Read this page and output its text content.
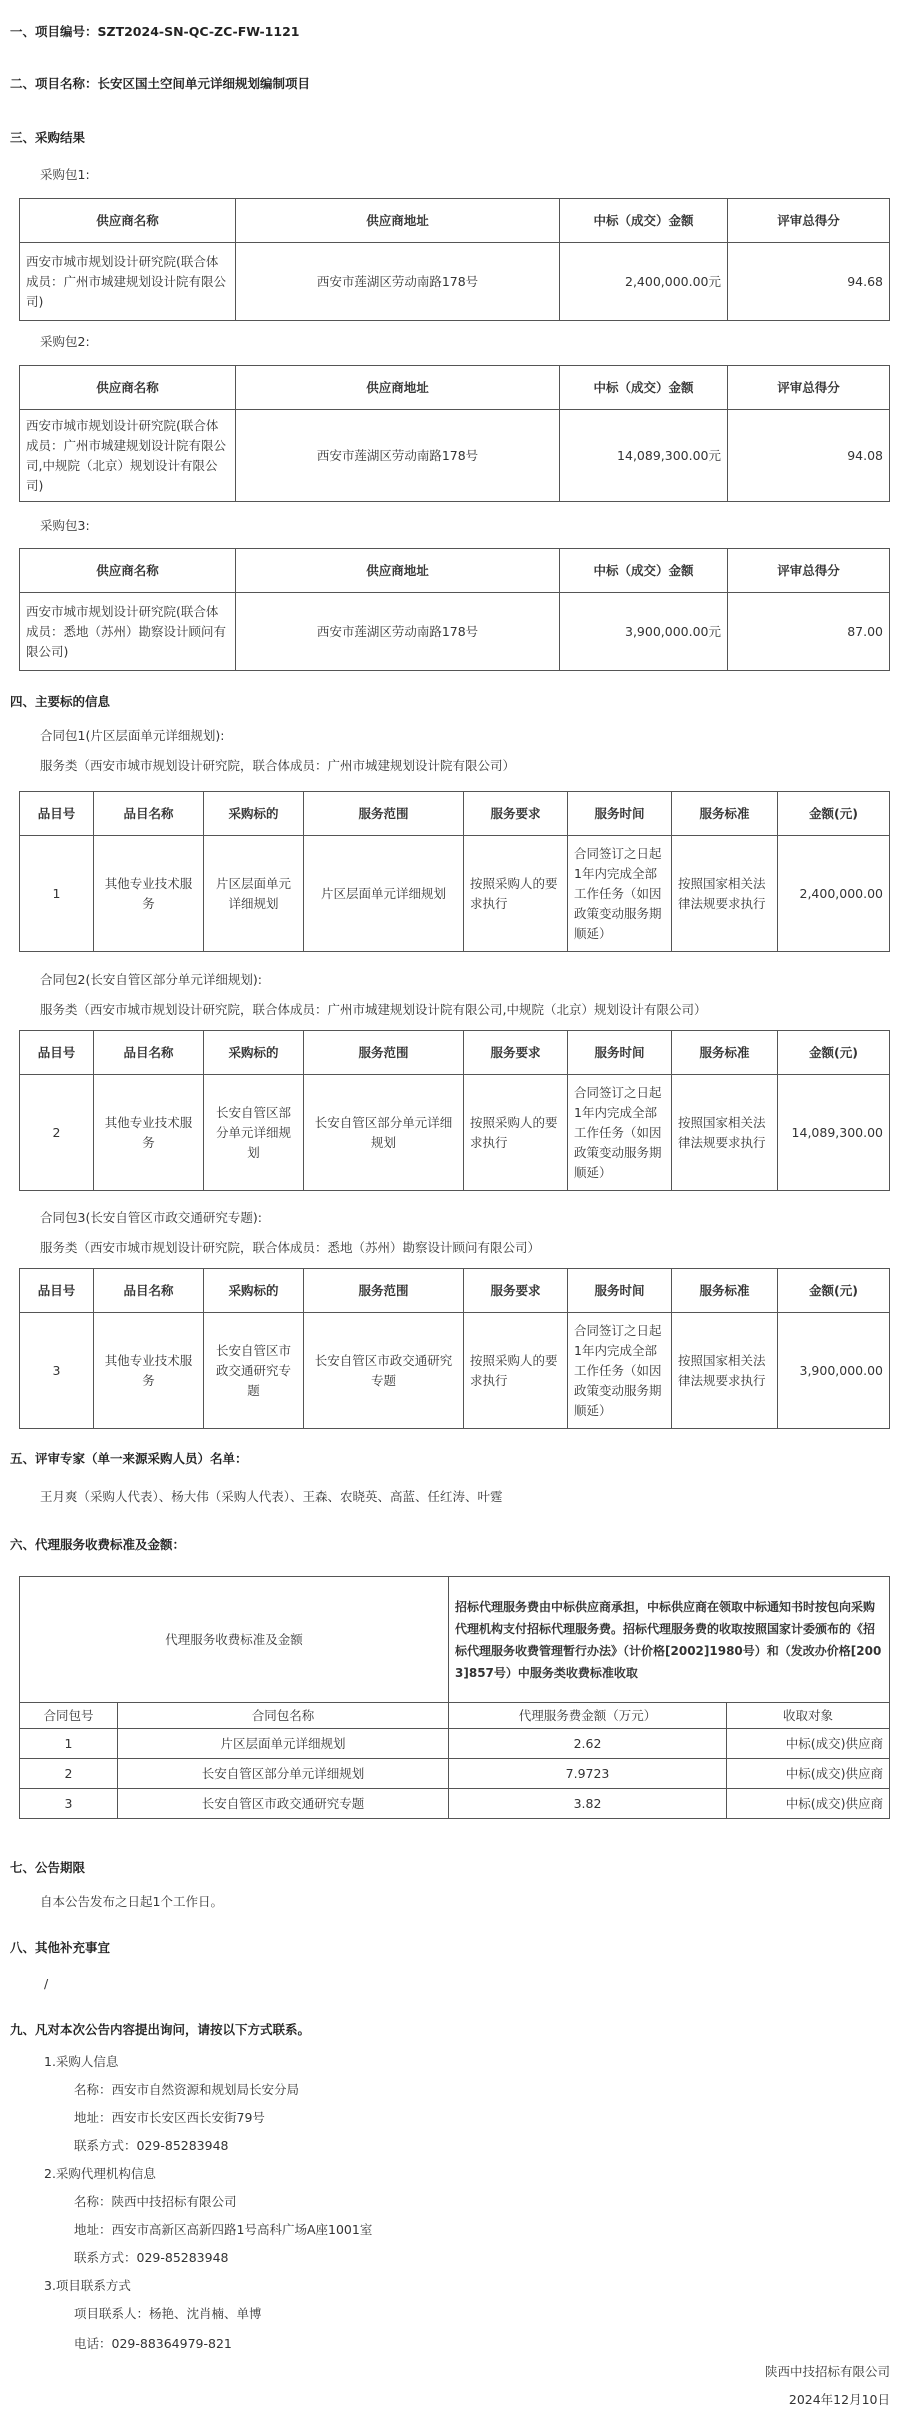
一、项目编号：SZT2024-SN-QC-ZC-FW-1121
二、项目名称：长安区国土空间单元详细规划编制项目
三、采购结果
采购包1:
供应商名称	供应商地址	中标（成交）金额	评审总得分
西安市城市规划设计研究院(联合体成员：广州市城建规划设计院有限公司)	西安市莲湖区劳动南路178号	2,400,000.00元	94.68
采购包2:
供应商名称	供应商地址	中标（成交）金额	评审总得分
西安市城市规划设计研究院(联合体成员：广州市城建规划设计院有限公司,中规院（北京）规划设计有限公司)	西安市莲湖区劳动南路178号	14,089,300.00元	94.08
采购包3:
供应商名称	供应商地址	中标（成交）金额	评审总得分
西安市城市规划设计研究院(联合体成员：悉地（苏州）勘察设计顾问有限公司)	西安市莲湖区劳动南路178号	3,900,000.00元	87.00
四、主要标的信息
合同包1(片区层面单元详细规划):
服务类（西安市城市规划设计研究院，联合体成员：广州市城建规划设计院有限公司）
品目号	品目名称	采购标的	服务范围	服务要求	服务时间	服务标准	金额(元)
1	其他专业技术服务	片区层面单元详细规划	片区层面单元详细规划	按照采购人的要求执行	合同签订之日起1年内完成全部工作任务（如因政策变动服务期顺延）	按照国家相关法律法规要求执行	2,400,000.00
合同包2(长安自管区部分单元详细规划):
服务类（西安市城市规划设计研究院，联合体成员：广州市城建规划设计院有限公司,中规院（北京）规划设计有限公司）
品目号	品目名称	采购标的	服务范围	服务要求	服务时间	服务标准	金额(元)
2	其他专业技术服务	长安自管区部分单元详细规划	长安自管区部分单元详细规划	按照采购人的要求执行	合同签订之日起1年内完成全部工作任务（如因政策变动服务期顺延）	按照国家相关法律法规要求执行	14,089,300.00
合同包3(长安自管区市政交通研究专题):
服务类（西安市城市规划设计研究院，联合体成员：悉地（苏州）勘察设计顾问有限公司）
品目号	品目名称	采购标的	服务范围	服务要求	服务时间	服务标准	金额(元)
3	其他专业技术服务	长安自管区市政交通研究专题	长安自管区市政交通研究专题	按照采购人的要求执行	合同签订之日起1年内完成全部工作任务（如因政策变动服务期顺延）	按照国家相关法律法规要求执行	3,900,000.00
五、评审专家（单一来源采购人员）名单：
王月爽（采购人代表）、杨大伟（采购人代表）、王森、农晓英、高蓝、任红涛、叶霆
六、代理服务收费标准及金额：
代理服务收费标准及金额		招标代理服务费由中标供应商承担，中标供应商在领取中标通知书时按包向采购代理机构支付招标代理服务费。招标代理服务费的收取按照国家计委颁布的《招标代理服务收费管理暂行办法》（计价格[2002]1980号）和（发改办价格[2003]857号）中服务类收费标准收取	
合同包号	合同包名称	代理服务费金额（万元）	收取对象
1	片区层面单元详细规划	2.62	中标(成交)供应商
2	长安自管区部分单元详细规划	7.9723	中标(成交)供应商
3	长安自管区市政交通研究专题	3.82	中标(成交)供应商
七、公告期限
自本公告发布之日起1个工作日。
八、其他补充事宜
/
九、凡对本次公告内容提出询问，请按以下方式联系。
1.采购人信息
名称：西安市自然资源和规划局长安分局
地址：西安市长安区西长安街79号
联系方式：029-85283948
2.采购代理机构信息
名称：陕西中技招标有限公司
地址：西安市高新区高新四路1号高科广场A座1001室
联系方式：029-85283948
3.项目联系方式
项目联系人：杨艳、沈肖楠、单博
电话：029-88364979-821
陕西中技招标有限公司
2024年12月10日
